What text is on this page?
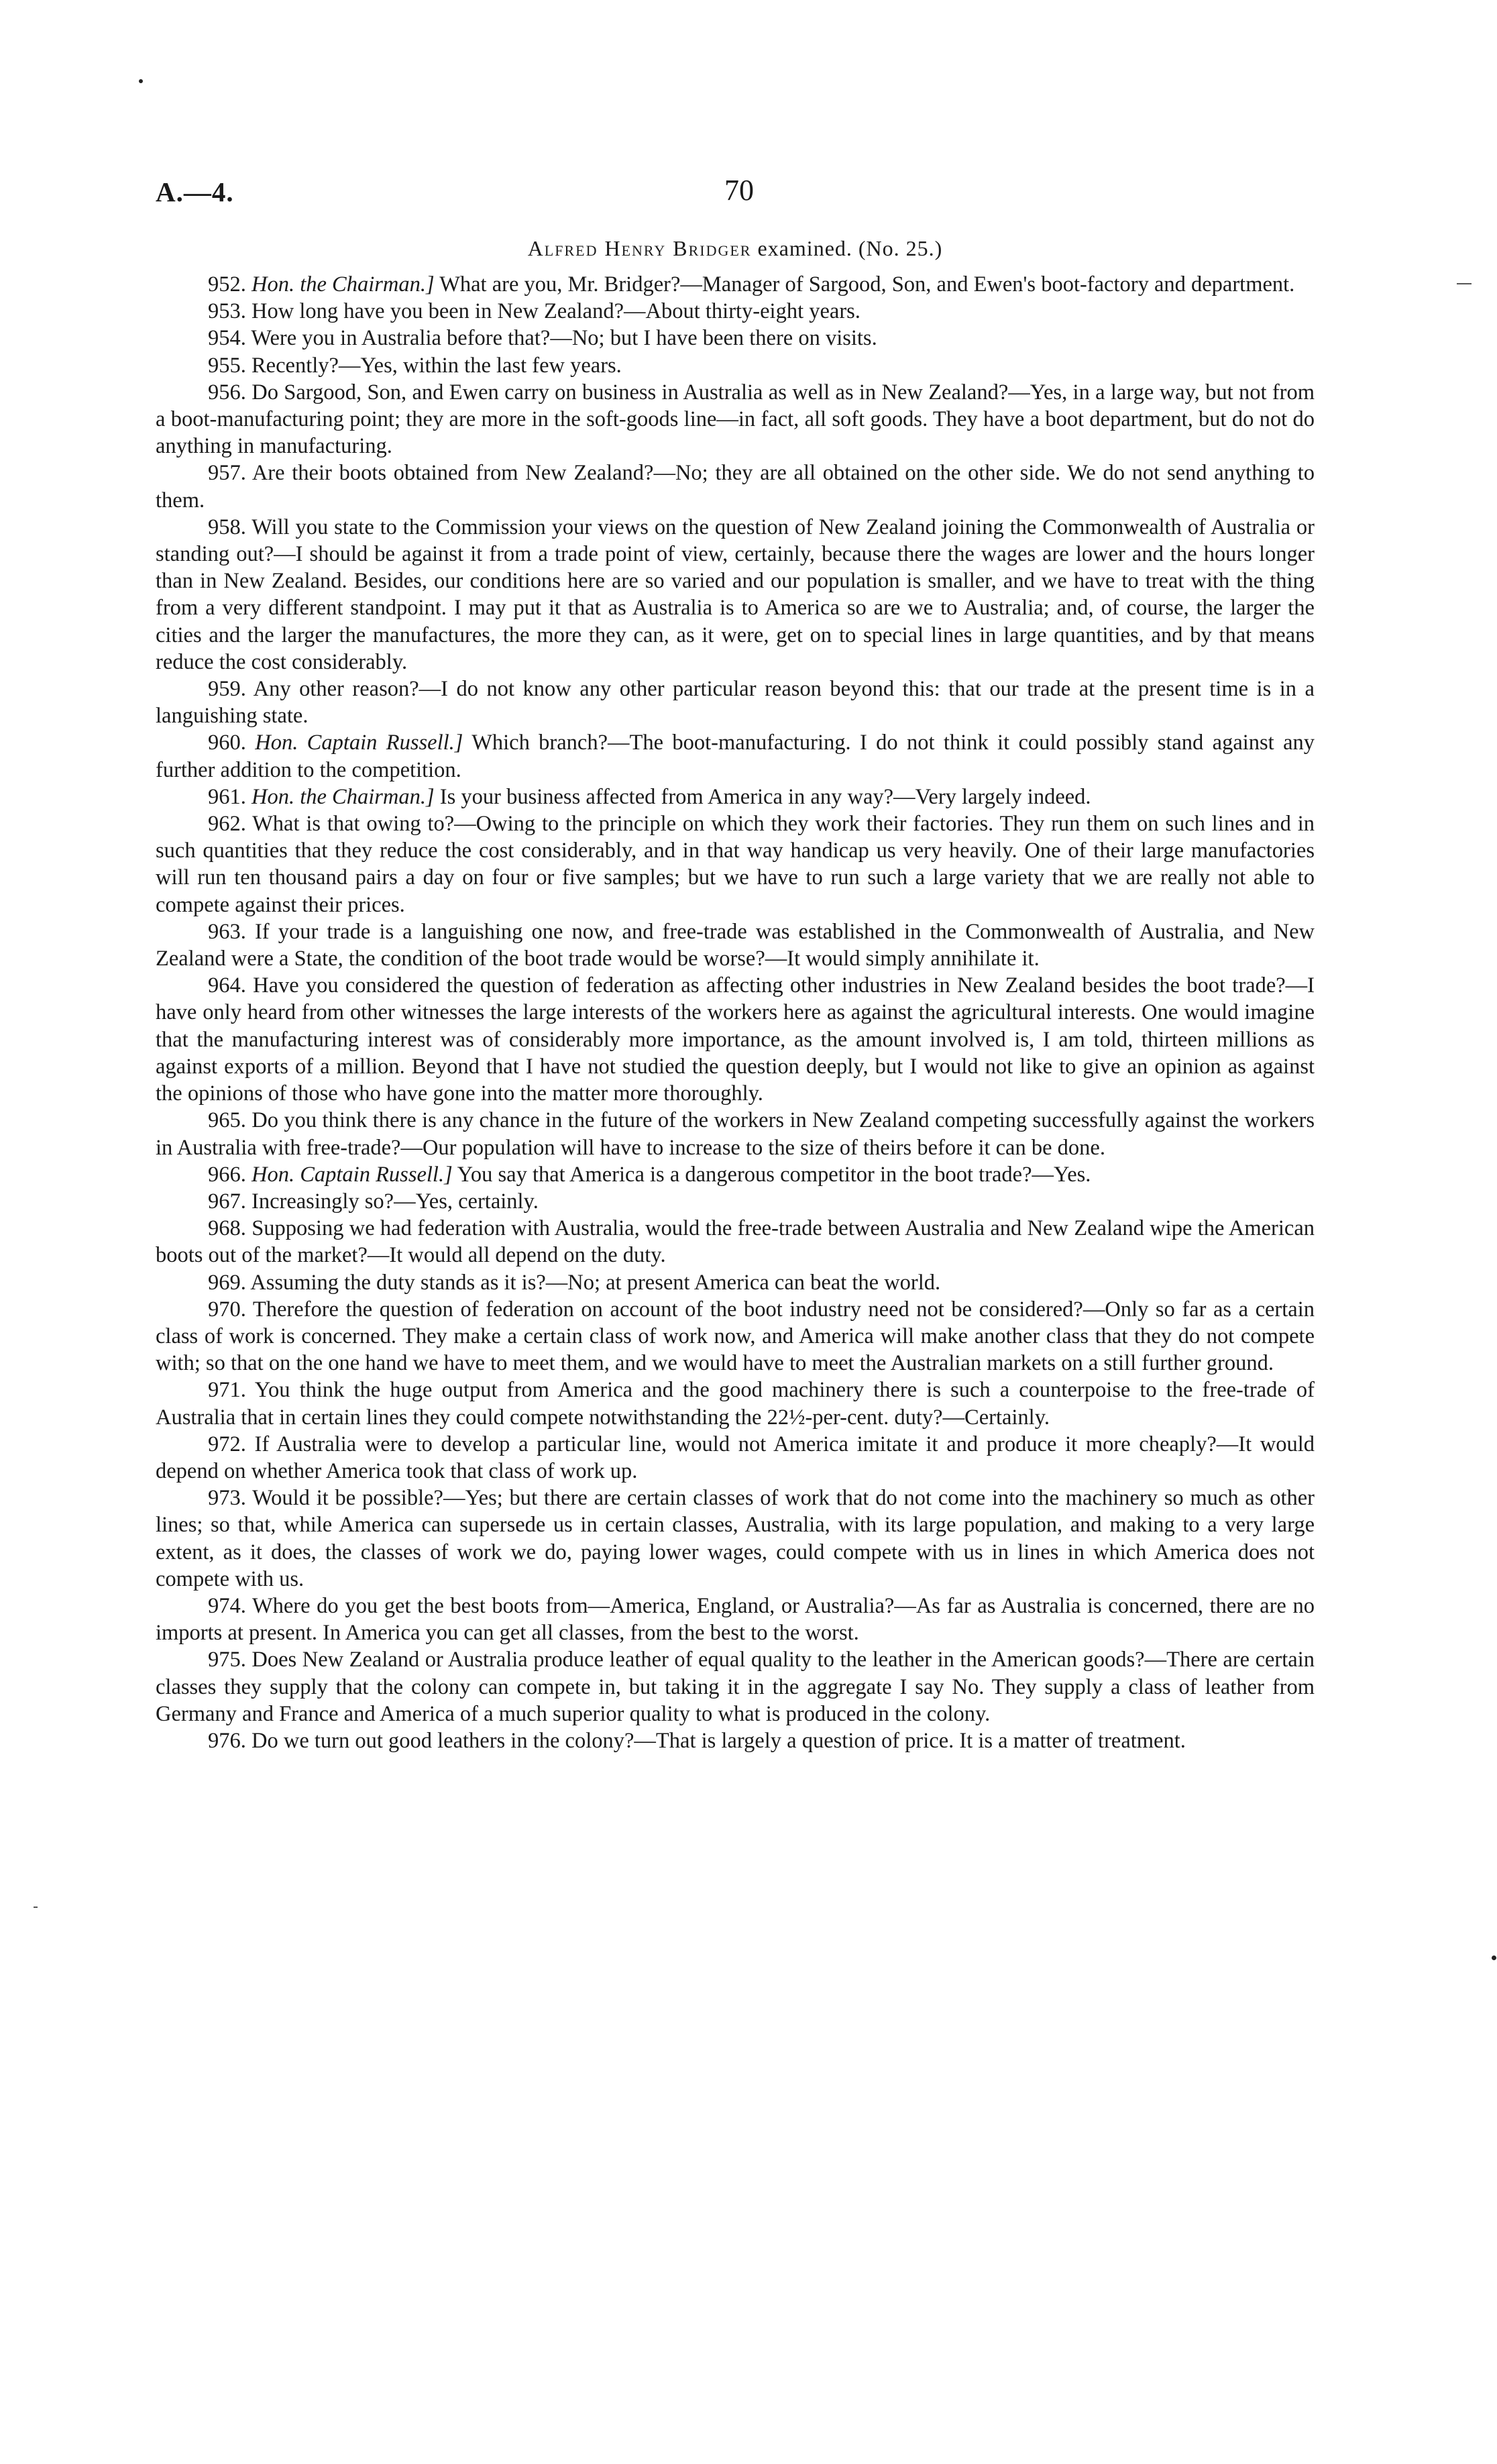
A.—4.	70
Alfred Henry Bridger examined. (No. 25.)

952. Hon. the Chairman.] What are you, Mr. Bridger?—Manager of Sargood, Son, and Ewen's boot-factory and department.

953. How long have you been in New Zealand?—About thirty-eight years.

954. Were you in Australia before that?—No; but I have been there on visits.

955. Recently?—Yes, within the last few years.

956. Do Sargood, Son, and Ewen carry on business in Australia as well as in New Zealand?—Yes, in a large way, but not from a boot-manufacturing point; they are more in the soft-goods line—in fact, all soft goods. They have a boot department, but do not do anything in manufacturing.

957. Are their boots obtained from New Zealand?—No; they are all obtained on the other side. We do not send anything to them.

958. Will you state to the Commission your views on the question of New Zealand joining the Commonwealth of Australia or standing out?—I should be against it from a trade point of view, certainly, because there the wages are lower and the hours longer than in New Zealand. Besides, our conditions here are so varied and our population is smaller, and we have to treat with the thing from a very different standpoint. I may put it that as Australia is to America so are we to Australia; and, of course, the larger the cities and the larger the manufactures, the more they can, as it were, get on to special lines in large quantities, and by that means reduce the cost considerably.

959. Any other reason?—I do not know any other particular reason beyond this: that our trade at the present time is in a languishing state.

960. Hon. Captain Russell.] Which branch?—The boot-manufacturing. I do not think it could possibly stand against any further addition to the competition.

961. Hon. the Chairman.] Is your business affected from America in any way?—Very largely indeed.

962. What is that owing to?—Owing to the principle on which they work their factories. They run them on such lines and in such quantities that they reduce the cost considerably, and in that way handicap us very heavily. One of their large manufactories will run ten thousand pairs a day on four or five samples; but we have to run such a large variety that we are really not able to compete against their prices.

963. If your trade is a languishing one now, and free-trade was established in the Commonwealth of Australia, and New Zealand were a State, the condition of the boot trade would be worse?—It would simply annihilate it.

964. Have you considered the question of federation as affecting other industries in New Zealand besides the boot trade?—I have only heard from other witnesses the large interests of the workers here as against the agricultural interests. One would imagine that the manufacturing interest was of considerably more importance, as the amount involved is, I am told, thirteen millions as against exports of a million. Beyond that I have not studied the question deeply, but I would not like to give an opinion as against the opinions of those who have gone into the matter more thoroughly.

965. Do you think there is any chance in the future of the workers in New Zealand competing successfully against the workers in Australia with free-trade?—Our population will have to increase to the size of theirs before it can be done.

966. Hon. Captain Russell.] You say that America is a dangerous competitor in the boot trade?—Yes.

967. Increasingly so?—Yes, certainly.

968. Supposing we had federation with Australia, would the free-trade between Australia and New Zealand wipe the American boots out of the market?—It would all depend on the duty.

969. Assuming the duty stands as it is?—No; at present America can beat the world.

970. Therefore the question of federation on account of the boot industry need not be considered?—Only so far as a certain class of work is concerned. They make a certain class of work now, and America will make another class that they do not compete with; so that on the one hand we have to meet them, and we would have to meet the Australian markets on a still further ground.

971. You think the huge output from America and the good machinery there is such a counterpoise to the free-trade of Australia that in certain lines they could compete notwithstanding the 22½-per-cent. duty?—Certainly.

972. If Australia were to develop a particular line, would not America imitate it and produce it more cheaply?—It would depend on whether America took that class of work up.

973. Would it be possible?—Yes; but there are certain classes of work that do not come into the machinery so much as other lines; so that, while America can supersede us in certain classes, Australia, with its large population, and making to a very large extent, as it does, the classes of work we do, paying lower wages, could compete with us in lines in which America does not compete with us.

974. Where do you get the best boots from—America, England, or Australia?—As far as Australia is concerned, there are no imports at present. In America you can get all classes, from the best to the worst.

975. Does New Zealand or Australia produce leather of equal quality to the leather in the American goods?—There are certain classes they supply that the colony can compete in, but taking it in the aggregate I say No. They supply a class of leather from Germany and France and America of a much superior quality to what is produced in the colony.

976. Do we turn out good leathers in the colony?—That is largely a question of price. It is a matter of treatment.
